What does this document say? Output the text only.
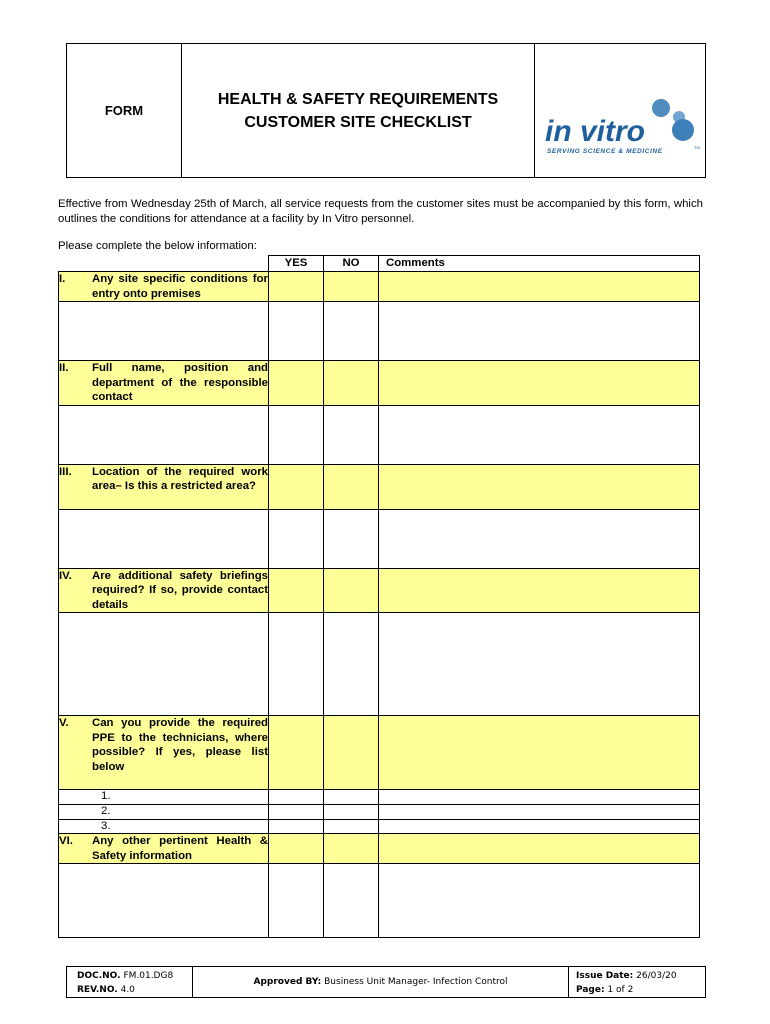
FORM
HEALTH & SAFETY REQUIREMENTS
CUSTOMER SITE CHECKLIST in vitro
SERVING SCIENCE & MEDICINE
TM
Effective from Wednesday 25th of March, all service requests from the customer sites must be accompanied by this form, which outlines the conditions for attendance at a facility by In Vitro personnel.
Please complete the below information:
	YES	NO	Comments

I. Any site specific conditions for entry onto premises			

II. Full name, position and department of the responsible contact			

III. Location of the required work area– Is this a restricted area?			

IV. Are additional safety briefings required? If so, provide contact details			

V. Can you provide the required PPE to the technicians, where possible? If yes, please list below			

1.			

2.			

3.			

VI. Any other pertinent Health & Safety information			

DOC.NO. FM.01.DG8
REV.NO. 4.0
Approved BY:
Business Unit Manager- Infection Control
Issue Date: 26/03/20
Page: 1 of 2
